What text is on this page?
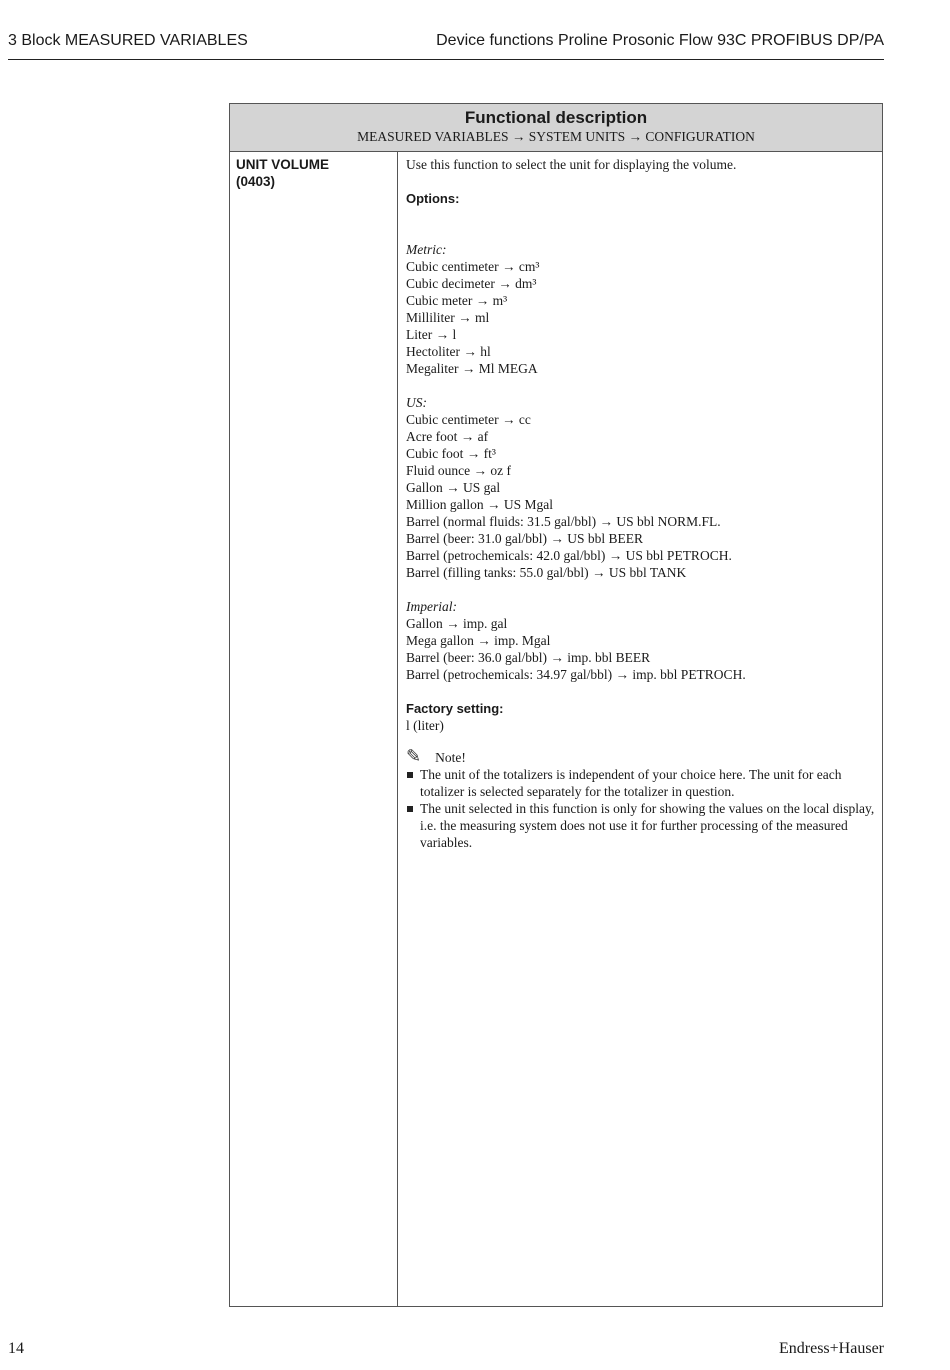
3 Block MEASURED VARIABLES	Device functions Proline Prosonic Flow 93C PROFIBUS DP/PA
Functional description
MEASURED VARIABLES → SYSTEM UNITS → CONFIGURATION
UNIT VOLUME
(0403)
Use this function to select the unit for displaying the volume.
Options:
Metric:
Cubic centimeter → cm³
Cubic decimeter → dm³
Cubic meter → m³
Milliliter → ml
Liter → l
Hectoliter → hl
Megaliter → Ml MEGA
US:
Cubic centimeter → cc
Acre foot → af
Cubic foot → ft³
Fluid ounce → oz f
Gallon → US gal
Million gallon → US Mgal
Barrel (normal fluids: 31.5 gal/bbl) → US bbl NORM.FL.
Barrel (beer: 31.0 gal/bbl) → US bbl BEER
Barrel (petrochemicals: 42.0 gal/bbl) → US bbl PETROCH.
Barrel (filling tanks: 55.0 gal/bbl) → US bbl TANK
Imperial:
Gallon → imp. gal
Mega gallon → imp. Mgal
Barrel (beer: 36.0 gal/bbl) → imp. bbl BEER
Barrel (petrochemicals: 34.97 gal/bbl) → imp. bbl PETROCH.
Factory setting:
l (liter)
✎ Note!
The unit of the totalizers is independent of your choice here. The unit for each totalizer is selected separately for the totalizer in question.
The unit selected in this function is only for showing the values on the local display, i.e. the measuring system does not use it for further processing of the measured variables.
14	Endress+Hauser
